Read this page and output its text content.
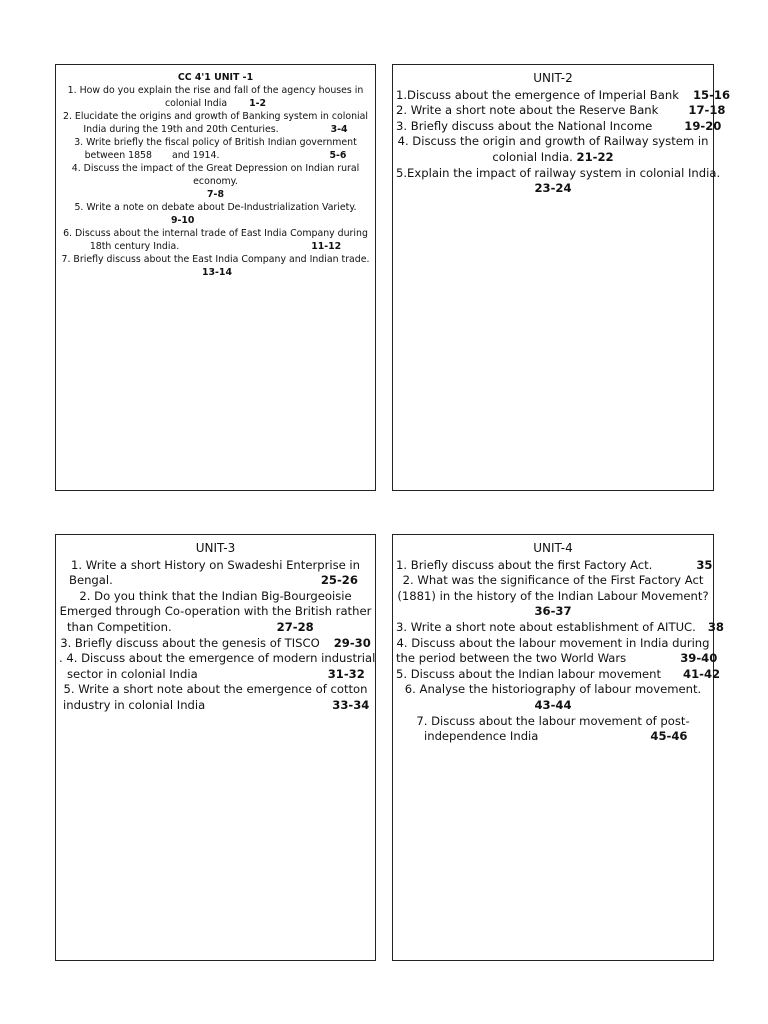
CC 4'1 UNIT -1
1. How do you explain the rise and fall of the agency houses in
colonial India 1-2
2. Elucidate the origins and growth of Banking system in colonial
India during the 19th and 20th Centuries.	3-4
3. Write briefly the fiscal policy of British Indian government
between 1858 and 1914.	5-6
4. Discuss the impact of the Great Depression on Indian rural
economy.
7-8
5. Write a note on debate about De-Industrialization Variety.
9-10
6. Discuss about the internal trade of East India Company during
18th century India.	11-12
7. Briefly discuss about the East India Company and Indian trade.
13-14
UNIT-2
1.Discuss about the emergence of Imperial Bank 15-16
2. Write a short note about the Reserve Bank	17-18
3. Briefly discuss about the National Income	19-20
4. Discuss the origin and growth of Railway system in
colonial India. 21-22
5.Explain the impact of railway system in colonial India.
23-24
UNIT-3
1. Write a short History on Swadeshi Enterprise in
Bengal.	25-26
2. Do you think that the Indian Big-Bourgeoisie
Emerged through Co-operation with the British rather
than Competition.	27-28
3. Briefly discuss about the genesis of TISCO 29-30
. 4. Discuss about the emergence of modern industrial
sector in colonial India	31-32
5. Write a short note about the emergence of cotton
industry in colonial India	33-34
UNIT-4
1. Briefly discuss about the first Factory Act.	35
2. What was the significance of the First Factory Act
(1881) in the history of the Indian Labour Movement?
36-37
3. Write a short note about establishment of AITUC. 38
4. Discuss about the labour movement in India during
the period between the two World Wars	39-40
5. Discuss about the Indian labour movement 41-42
6. Analyse the historiography of labour movement.
43-44
7. Discuss about the labour movement of post-
independence India	45-46
